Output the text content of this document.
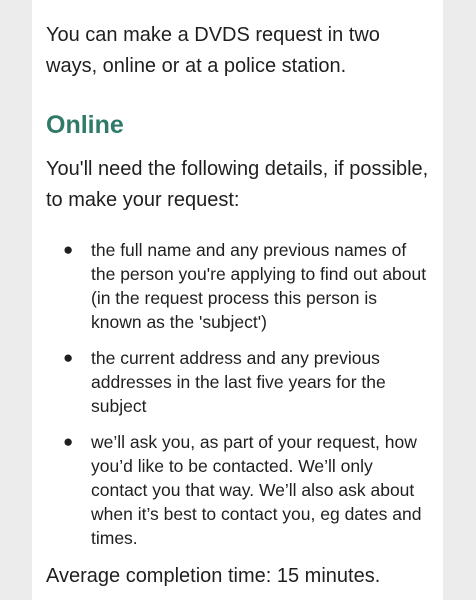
You can make a DVDS request in two ways, online or at a police station.

Online

You'll need the following details, if possible, to make your request:

● the full name and any previous names of the person you're applying to find out about (in the request process this person is known as the 'subject')
● the current address and any previous addresses in the last five years for the subject
● we’ll ask you, as part of your request, how you’d like to be contacted. We’ll only contact you that way. We’ll also ask about when it’s best to contact you, eg dates and times.

Average completion time: 15 minutes.
